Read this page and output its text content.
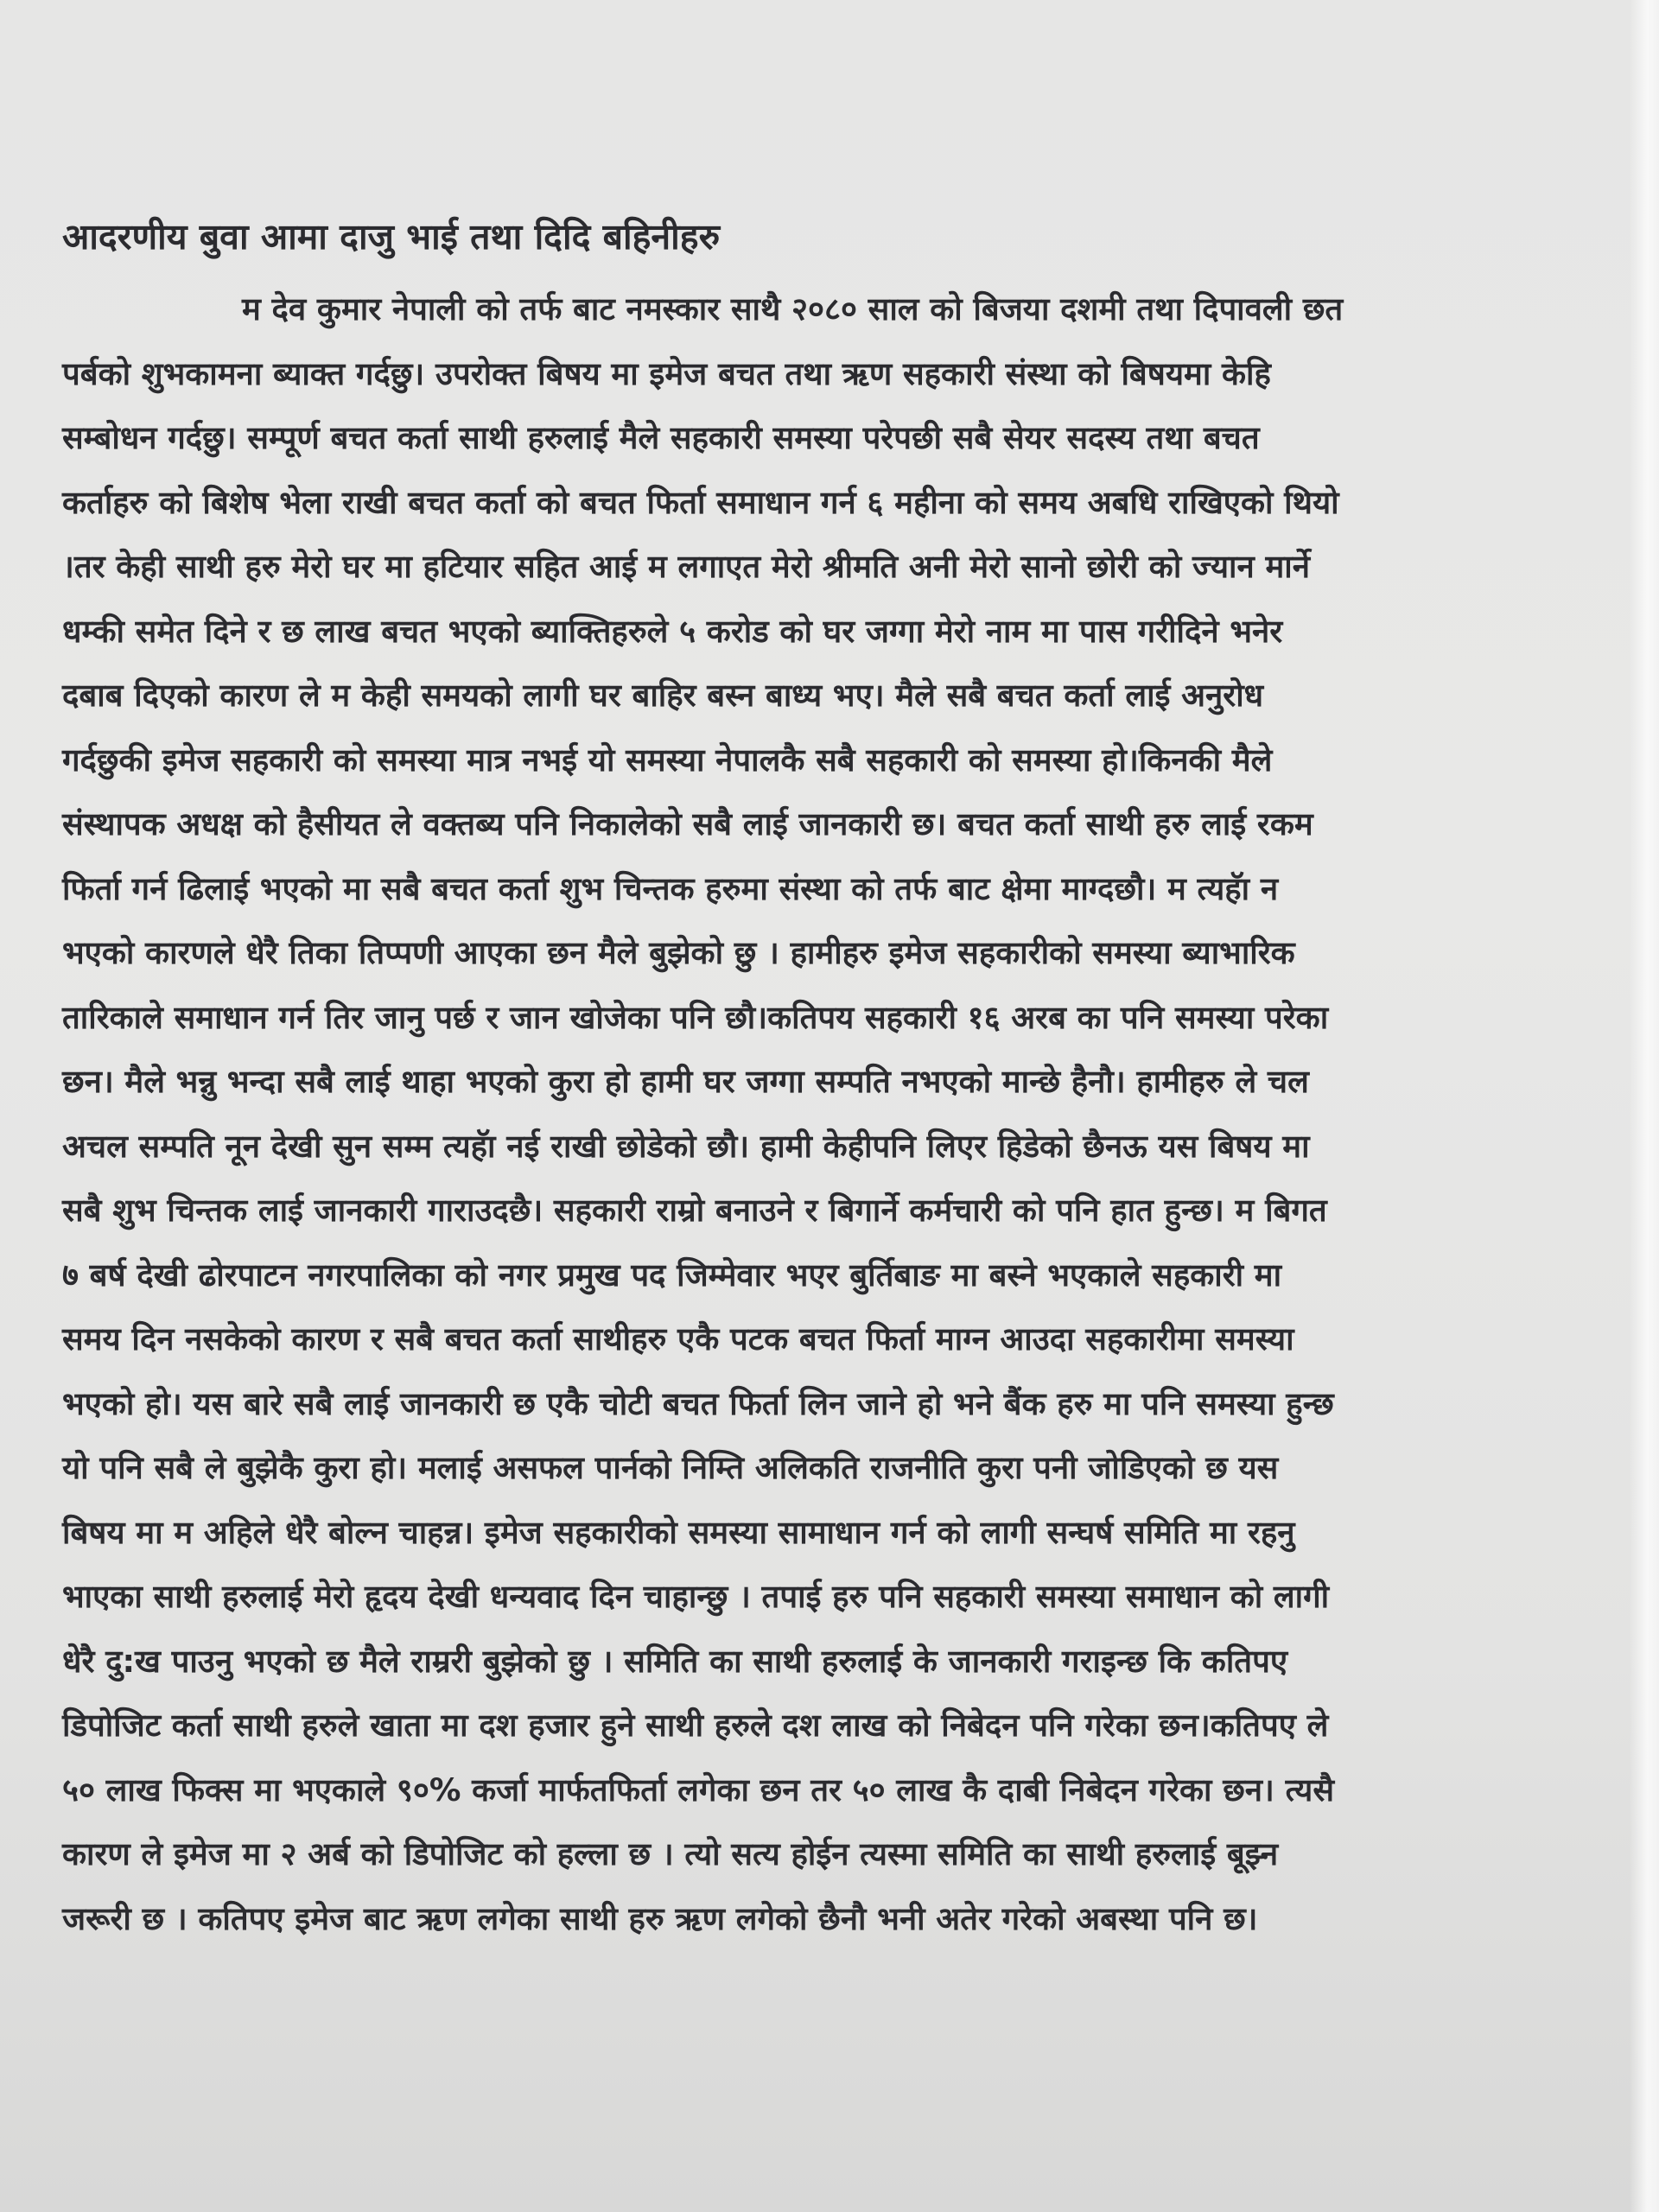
आदरणीय बुवा आमा दाजु भाई तथा दिदि बहिनीहरु
म देव कुमार नेपाली को तर्फ बाट नमस्कार साथै २०८० साल को बिजया दशमी तथा दिपावली छत
पर्बको शुभकामना ब्याक्त गर्दछु। उपरोक्त बिषय मा इमेज बचत तथा ऋण सहकारी संस्था को बिषयमा केहि
सम्बोधन गर्दछु। सम्पूर्ण बचत कर्ता साथी हरुलाई मैले सहकारी समस्या परेपछी सबै सेयर सदस्य तथा बचत
कर्ताहरु को बिशेष भेला राखी बचत कर्ता को बचत फिर्ता समाधान गर्न ६ महीना को समय अबधि राखिएको थियो
।तर केही साथी हरु मेरो घर मा हटियार सहित आई म लगाएत मेरो श्रीमति अनी मेरो सानो छोरी को ज्यान मार्ने
धम्की समेत दिने र छ लाख बचत भएको ब्याक्तिहरुले ५ करोड को घर जग्गा मेरो नाम मा पास गरीदिने भनेर
दबाब दिएको कारण ले म केही समयको लागी घर बाहिर बस्न बाध्य भए। मैले सबै बचत कर्ता लाई अनुरोध
गर्दछुकी इमेज सहकारी को समस्या मात्र नभई यो समस्या नेपालकै सबै सहकारी को समस्या हो।किनकी मैले
संस्थापक अधक्ष को हैसीयत ले वक्तब्य पनि निकालेको सबै लाई जानकारी छ। बचत कर्ता साथी हरु लाई रकम
फिर्ता गर्न ढिलाई भएको मा सबै बचत कर्ता शुभ चिन्तक हरुमा संस्था को तर्फ बाट क्षेमा माग्दछौ। म त्यहॅा न
भएको कारणले धेरै तिका तिप्पणी आएका छन मैले बुझेको छु । हामीहरु इमेज सहकारीको समस्या ब्याभारिक
तारिकाले समाधान गर्न तिर जानु पर्छ र जान खोजेका पनि छौ।कतिपय सहकारी १६ अरब का पनि समस्या परेका
छन। मैले भन्नु भन्दा सबै लाई थाहा भएको कुरा हो हामी घर जग्गा सम्पति नभएको मान्छे हैनौ। हामीहरु ले चल
अचल सम्पति नून देखी सुन सम्म त्यहॅा नई राखी छोडेको छौ। हामी केहीपनि लिएर हिडेको छैनऊ यस बिषय मा
सबै शुभ चिन्तक लाई जानकारी गाराउदछै। सहकारी राम्रो बनाउने र बिगार्ने कर्मचारी को पनि हात हुन्छ। म बिगत
७ बर्ष देखी ढोरपाटन नगरपालिका को नगर प्रमुख पद जिम्मेवार भएर बुर्तिबाङ मा बस्ने भएकाले सहकारी मा
समय दिन नसकेको कारण र सबै बचत कर्ता साथीहरु एकै पटक बचत फिर्ता माग्न आउदा सहकारीमा समस्या
भएको हो। यस बारे सबै लाई जानकारी छ एकै चोटी बचत फिर्ता लिन जाने हो भने बैंक हरु मा पनि समस्या हुन्छ
यो पनि सबै ले बुझेकै कुरा हो। मलाई असफल पार्नको निम्ति अलिकति राजनीति कुरा पनी जोडिएको छ यस
बिषय मा म अहिले धेरै बोल्न चाहन्न। इमेज सहकारीको समस्या सामाधान गर्न को लागी सन्घर्ष समिति मा रहनु
भाएका साथी हरुलाई मेरो हृदय देखी धन्यवाद दिन चाहान्छु । तपाई हरु पनि सहकारी समस्या समाधान को लागी
धेरै दु:ख पाउनु भएको छ मैले राम्ररी बुझेको छु । समिति का साथी हरुलाई के जानकारी गराइन्छ कि कतिपए
डिपोजिट कर्ता साथी हरुले खाता मा दश हजार हुने साथी हरुले दश लाख को निबेदन पनि गरेका छन।कतिपए ले
५० लाख फिक्स मा भएकाले ९०% कर्जा मार्फतफिर्ता लगेका छन तर ५० लाख कै दाबी निबेदन गरेका छन। त्यसै
कारण ले इमेज मा २ अर्ब को डिपोजिट को हल्ला छ । त्यो सत्य होईन त्यस्मा समिति का साथी हरुलाई बूझ्न
जरूरी छ । कतिपए इमेज बाट ऋण लगेका साथी हरु ऋण लगेको छैनौ भनी अतेर गरेको अबस्था पनि छ।
